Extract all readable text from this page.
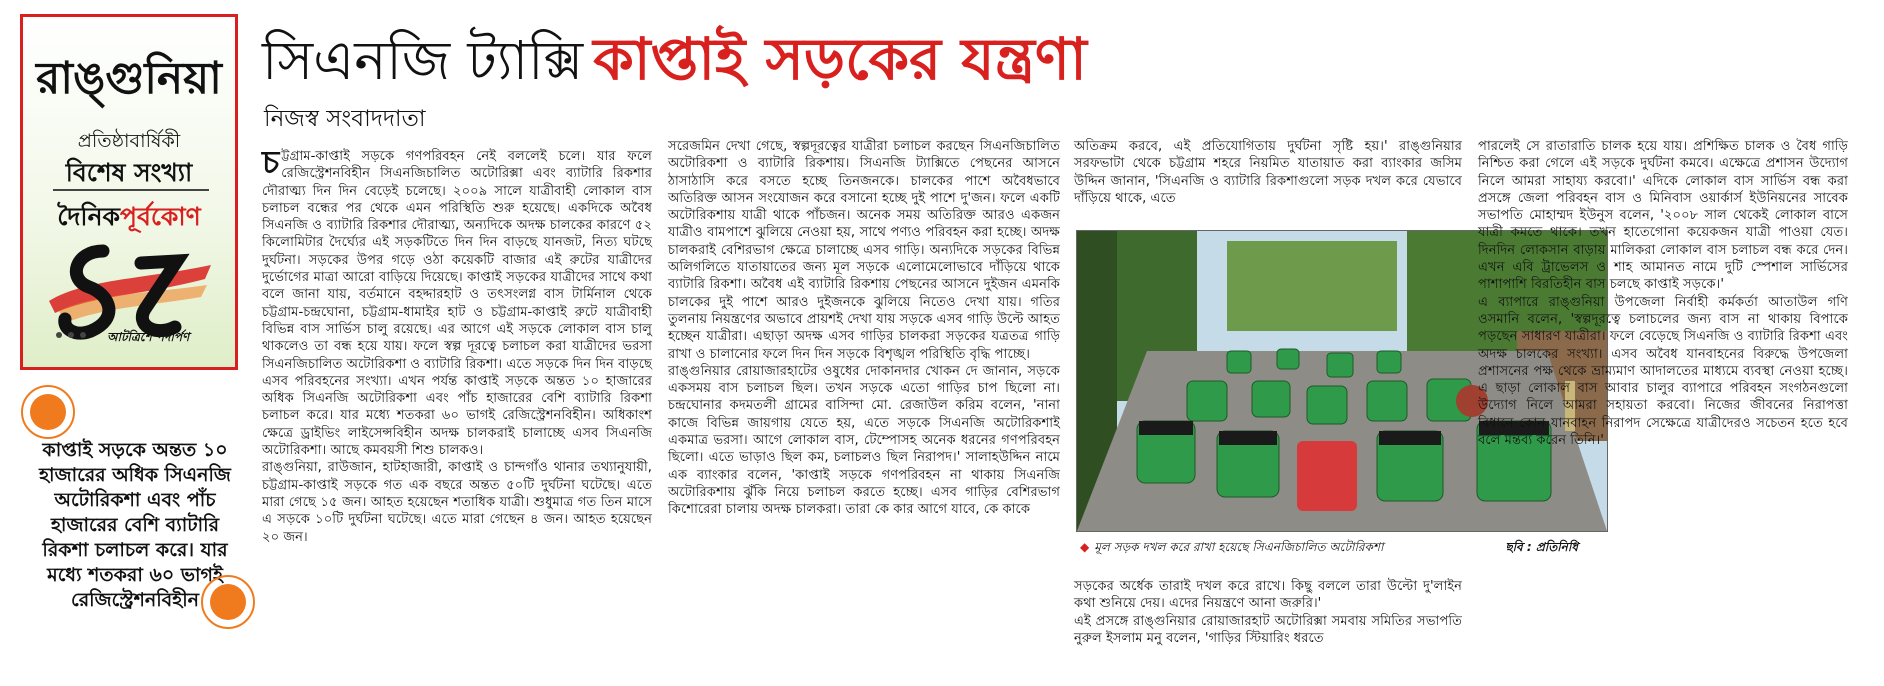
রাঙ্গুনিয়া
প্রতিষ্ঠাবার্ষিকী
বিশেষ সংখ্যা
দৈনিকপূর্বকোণ
আটত্রিশে পদার্পণ
কাপ্তাই সড়কে অন্তত ১০ হাজারের অধিক সিএনজি অটোরিকশা এবং পাঁচ হাজারের বেশি ব্যাটারি রিকশা চলাচল করে। যার মধ্যে শতকরা ৬০ ভাগই রেজিস্ট্রেশনবিহীন
সিএনজি ট্যাক্সি কাপ্তাই সড়কের যন্ত্রণা
নিজস্ব সংবাদদাতা

চট্টগ্রাম-কাপ্তাই সড়কে গণপরিবহন নেই বললেই চলে। যার ফলে রেজিস্ট্রেশনবিহীন সিএনজিচালিত অটোরিক্সা এবং ব্যাটারি রিকশার দৌরাত্ম্য দিন দিন বেড়েই চলেছে। ২০০৯ সালে যাত্রীবাহী লোকাল বাস চলাচল বন্ধের পর থেকে এমন পরিস্থিতি শুরু হয়েছে। একদিকে অবৈধ সিএনজি ও ব্যাটারি রিকশার দৌরাত্ম্য, অন্যদিকে অদক্ষ চালকের কারণে ৫২ কিলোমিটার দৈর্ঘ্যের এই সড়কটিতে দিন দিন বাড়ছে যানজট, নিত্য ঘটছে দুর্ঘটনা। সড়কের উপর গড়ে ওঠা কয়েকটি বাজার এই রুটের যাত্রীদের দুর্ভোগের মাত্রা আরো বাড়িয়ে দিয়েছে। কাপ্তাই সড়কের যাত্রীদের সাথে কথা বলে জানা যায়, বর্তমানে বহদ্দারহাট ও তৎসংলগ্ন বাস টার্মিনাল থেকে চট্টগ্রাম-চন্দ্রঘোনা, চট্টগ্রাম-ধামাইর হাট ও চট্টগ্রাম-কাপ্তাই রুটে যাত্রীবাহী বিভিন্ন বাস সার্ভিস চালু রয়েছে। এর আগে এই সড়কে লোকাল বাস চালু থাকলেও তা বন্ধ হয়ে যায়। ফলে স্বল্প দূরত্বে চলাচল করা যাত্রীদের ভরসা সিএনজিচালিত অটোরিকশা ও ব্যাটারি রিকশা। এতে সড়কে দিন দিন বাড়ছে এসব পরিবহনের সংখ্যা। এখন পর্যন্ত কাপ্তাই সড়কে অন্তত ১০ হাজারের অধিক সিএনজি অটোরিকশা এবং পাঁচ হাজারের বেশি ব্যাটারি রিকশা চলাচল করে। যার মধ্যে শতকরা ৬০ ভাগই রেজিস্ট্রেশনবিহীন। অধিকাংশ ক্ষেত্রে ড্রাইভিং লাইসেন্সবিহীন অদক্ষ চালকরাই চালাচ্ছে এসব সিএনজি অটোরিকশা। আছে কমবয়সী শিশু চালকও।

রাঙ্গুনিয়া, রাউজান, হাটহাজারী, কাপ্তাই ও চান্দগাঁও থানার তথ্যানুযায়ী, চট্টগ্রাম-কাপ্তাই সড়কে গত এক বছরে অন্তত ৫০টি দুর্ঘটনা ঘটেছে। এতে মারা গেছে ১৫ জন। আহত হয়েছেন শতাধিক যাত্রী। শুধুমাত্র গত তিন মাসে এ সড়কে ১০টি দুর্ঘটনা ঘটেছে। এতে মারা গেছেন ৪ জন। আহত হয়েছেন ২০ জন।

সরেজমিন দেখা গেছে, স্বল্পদূরত্বের যাত্রীরা চলাচল করছেন সিএনজিচালিত অটোরিকশা ও ব্যাটারি রিকশায়। সিএনজি ট্যাক্সিতে পেছনের আসনে ঠাসাঠাসি করে বসতে হচ্ছে তিনজনকে। চালকের পাশে অবৈধভাবে অতিরিক্ত আসন সংযোজন করে বসানো হচ্ছে দুই পাশে দু'জন। ফলে একটি অটোরিকশায় যাত্রী থাকে পাঁচজন। অনেক সময় অতিরিক্ত আরও একজন যাত্রীও বামপাশে ঝুলিয়ে নেওয়া হয়, সাথে পণ্যও পরিবহন করা হচ্ছে। অদক্ষ চালকরাই বেশিরভাগ ক্ষেত্রে চালাচ্ছে এসব গাড়ি। অন্যদিকে সড়কের বিভিন্ন অলিগলিতে যাতায়াতের জন্য মূল সড়কে এলোমেলোভাবে দাঁড়িয়ে থাকে ব্যাটারি রিকশা। অবৈধ এই ব্যাটারি রিকশায় পেছনের আসনে দুইজন এমনকি চালকের দুই পাশে আরও দুইজনকে ঝুলিয়ে নিতেও দেখা যায়। গতির তুলনায় নিয়ন্ত্রণের অভাবে প্রায়শই দেখা যায় সড়কে এসব গাড়ি উল্টে আহত হচ্ছেন যাত্রীরা। এছাড়া অদক্ষ এসব গাড়ির চালকরা সড়কের যত্রতত্র গাড়ি রাখা ও চালানোর ফলে দিন দিন সড়কে বিশৃঙ্খল পরিস্থিতি বৃদ্ধি পাচ্ছে।

রাঙ্গুনিয়ার রোয়াজারহাটের ওষুধের দোকানদার খোকন দে জানান, সড়কে একসময় বাস চলাচল ছিল। তখন সড়কে এতো গাড়ির চাপ ছিলো না। চন্দ্রঘোনার কদমতলী গ্রামের বাসিন্দা মো. রেজাউল করিম বলেন, 'নানা কাজে বিভিন্ন জায়গায় যেতে হয়, এতে সড়কে সিএনজি অটোরিকশাই একমাত্র ভরসা। আগে লোকাল বাস, টেম্পোসহ অনেক ধরনের গণপরিবহন ছিলো। এতে ভাড়াও ছিল কম, চলাচলও ছিল নিরাপদ।' সালাহউদ্দিন নামে এক ব্যাংকার বলেন, 'কাপ্তাই সড়কে গণপরিবহন না থাকায় সিএনজি অটোরিকশায় ঝুঁকি নিয়ে চলাচল করতে হচ্ছে। এসব গাড়ির বেশিরভাগ কিশোরেরা চালায় অদক্ষ চালকরা। তারা কে কার আগে যাবে, কে কাকে

অতিক্রম করবে, এই প্রতিযোগিতায় দুর্ঘটনা সৃষ্টি হয়।' রাঙ্গুনিয়ার সরফভাটা থেকে চট্টগ্রাম শহরে নিয়মিত যাতায়াত করা ব্যাংকার জসিম উদ্দিন জানান, 'সিএনজি ও ব্যাটারি রিকশাগুলো সড়ক দখল করে যেভাবে দাঁড়িয়ে থাকে, এতে

◆ মূল সড়ক দখল করে রাখা হয়েছে সিএনজিচালিত অটোরিকশা	ছবি : প্রতিনিধি

সড়কের অর্ধেক তারাই দখল করে রাখে। কিছু বললে তারা উল্টো দু'লাইন কথা শুনিয়ে দেয়। এদের নিয়ন্ত্রণে আনা জরুরি।'

এই প্রসঙ্গে রাঙ্গুনিয়ার রোয়াজারহাট অটোরিক্সা সমবায় সমিতির সভাপতি নুরুল ইসলাম মনু বলেন, 'গাড়ির স্টিয়ারিং ধরতে

পারলেই সে রাতারাতি চালক হয়ে যায়। প্রশিক্ষিত চালক ও বৈধ গাড়ি নিশ্চিত করা গেলে এই সড়কে দুর্ঘটনা কমবে। এক্ষেত্রে প্রশাসন উদ্যোগ নিলে আমরা সাহায্য করবো।' এদিকে লোকাল বাস সার্ভিস বন্ধ করা প্রসঙ্গে জেলা পরিবহন বাস ও মিনিবাস ওয়ার্কার্স ইউনিয়নের সাবেক সভাপতি মোহাম্মদ ইউনুস বলেন, '২০০৮ সাল থেকেই লোকাল বাসে যাত্রী কমতে থাকে। তখন হাতেগোনা কয়েকজন যাত্রী পাওয়া যেত। দিনদিন লোকসান বাড়ায় মালিকরা লোকাল বাস চলাচল বন্ধ করে দেন। এখন এবি ট্রাভেলস ও শাহ আমানত নামে দুটি স্পেশাল সার্ভিসের পাশাপাশি বিরতিহীন বাস চলছে কাপ্তাই সড়কে।'

এ ব্যাপারে রাঙ্গুনিয়া উপজেলা নির্বাহী কর্মকর্তা আতাউল গণি ওসমানি বলেন, 'স্বল্পদূরত্বে চলাচলের জন্য বাস না থাকায় বিপাকে পড়ছেন সাধারণ যাত্রীরা। ফলে বেড়েছে সিএনজি ও ব্যাটারি রিকশা এবং অদক্ষ চালকের সংখ্যা। এসব অবৈধ যানবাহনের বিরুদ্ধে উপজেলা প্রশাসনের পক্ষ থেকে ভ্রাম্যমাণ আদালতের মাধ্যমে ব্যবস্থা নেওয়া হচ্ছে। এ ছাড়া লোকাল বাস আবার চালুর ব্যাপারে পরিবহন সংগঠনগুলো উদ্যোগ নিলে আমরা সহায়তা করবো। নিজের জীবনের নিরাপত্তা বিধানে কোন যানবাহন নিরাপদ সেক্ষেত্রে যাত্রীদেরও সচেতন হতে হবে বলে মন্তব্য করেন তিনি।'
